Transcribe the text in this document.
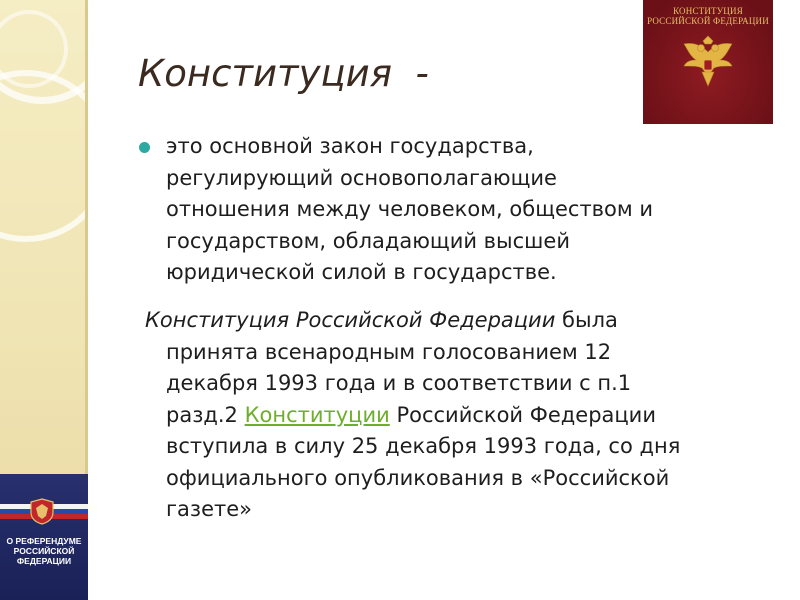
О РЕФЕРЕНДУМЕ
РОССИЙСКОЙ
ФЕДЕРАЦИИ
КОНСТИТУЦИЯ
РОССИЙСКОЙ ФЕДЕРАЦИИ
Конституция  -

это основной закон государства,
регулирующий основополагающие
отношения между человеком, обществом и
государством, обладающий высшей
юридической силой в государстве.

Конституция Российской Федерации была
принята всенародным голосованием 12
декабря 1993 года и в соответствии с п.1
разд.2 Конституции Российской Федерации
вступила в силу 25 декабря 1993 года, со дня
официального опубликования в «Российской
газете»
